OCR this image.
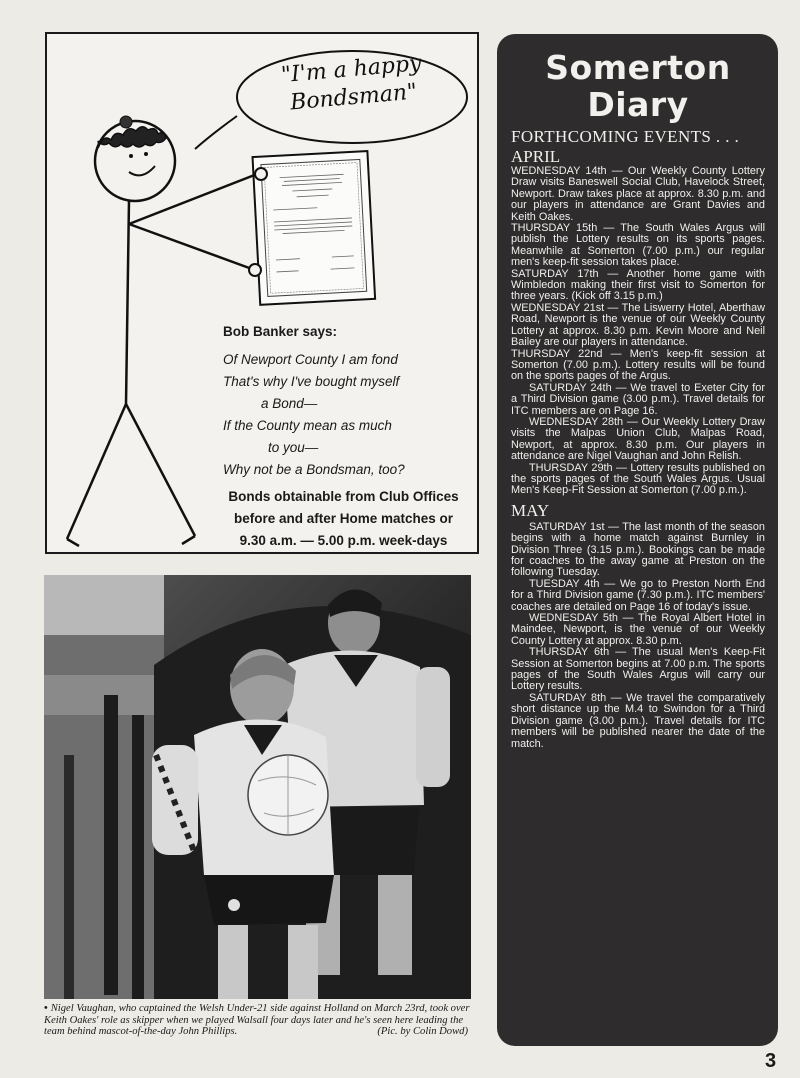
"I'm a happy
Bondsman"
Bob Banker says:
Of Newport County I am fond
That's why I've bought myself
a Bond—
If the County mean as much
to you—
Why not be a Bondsman, too?
Bonds obtainable from Club Offices
before and after Home matches or
9.30 a.m. — 5.00 p.m. week-days
• Nigel Vaughan, who captained the Welsh Under-21 side against Holland on March 23rd, took over Keith Oakes' role as skipper when we played Walsall four days later and he's seen here leading the team behind mascot-of-the-day John Phillips.	(Pic. by Colin Dowd)
Somerton
Diary
FORTHCOMING EVENTS . . .
APRIL

WEDNESDAY 14th — Our Weekly County Lottery Draw visits Baneswell Social Club, Havelock Street, Newport. Draw takes place at approx. 8.30 p.m. and our players in attendance are Grant Davies and Keith Oakes.

THURSDAY 15th — The South Wales Argus will publish the Lottery results on its sports pages. Meanwhile at Somerton (7.00 p.m.) our regular men's keep-fit session takes place.

SATURDAY 17th — Another home game with Wimbledon making their first visit to Somerton for three years. (Kick off 3.15 p.m.)

WEDNESDAY 21st — The Liswerry Hotel, Aberthaw Road, Newport is the venue of our Weekly County Lottery at approx. 8.30 p.m. Kevin Moore and Neil Bailey are our players in attendance.

THURSDAY 22nd — Men's keep-fit session at Somerton (7.00 p.m.). Lottery results will be found on the sports pages of the Argus.

SATURDAY 24th — We travel to Exeter City for a Third Division game (3.00 p.m.). Travel details for ITC members are on Page 16.

WEDNESDAY 28th — Our Weekly Lottery Draw visits the Malpas Union Club, Malpas Road, Newport, at approx. 8.30 p.m. Our players in attendance are Nigel Vaughan and John Relish.

THURSDAY 29th — Lottery results published on the sports pages of the South Wales Argus. Usual Men's Keep-Fit Session at Somerton (7.00 p.m.).

MAY

SATURDAY 1st — The last month of the season begins with a home match against Burnley in Division Three (3.15 p.m.). Bookings can be made for coaches to the away game at Preston on the following Tuesday.

TUESDAY 4th — We go to Preston North End for a Third Division game (7.30 p.m.). ITC members' coaches are detailed on Page 16 of today's issue.

WEDNESDAY 5th — The Royal Albert Hotel in Maindee, Newport, is the venue of our Weekly County Lottery at approx. 8.30 p.m.

THURSDAY 6th — The usual Men's Keep-Fit Session at Somerton begins at 7.00 p.m. The sports pages of the South Wales Argus will carry our Lottery results.

SATURDAY 8th — We travel the comparatively short distance up the M.4 to Swindon for a Third Division game (3.00 p.m.). Travel details for ITC members will be published nearer the date of the match.

3
